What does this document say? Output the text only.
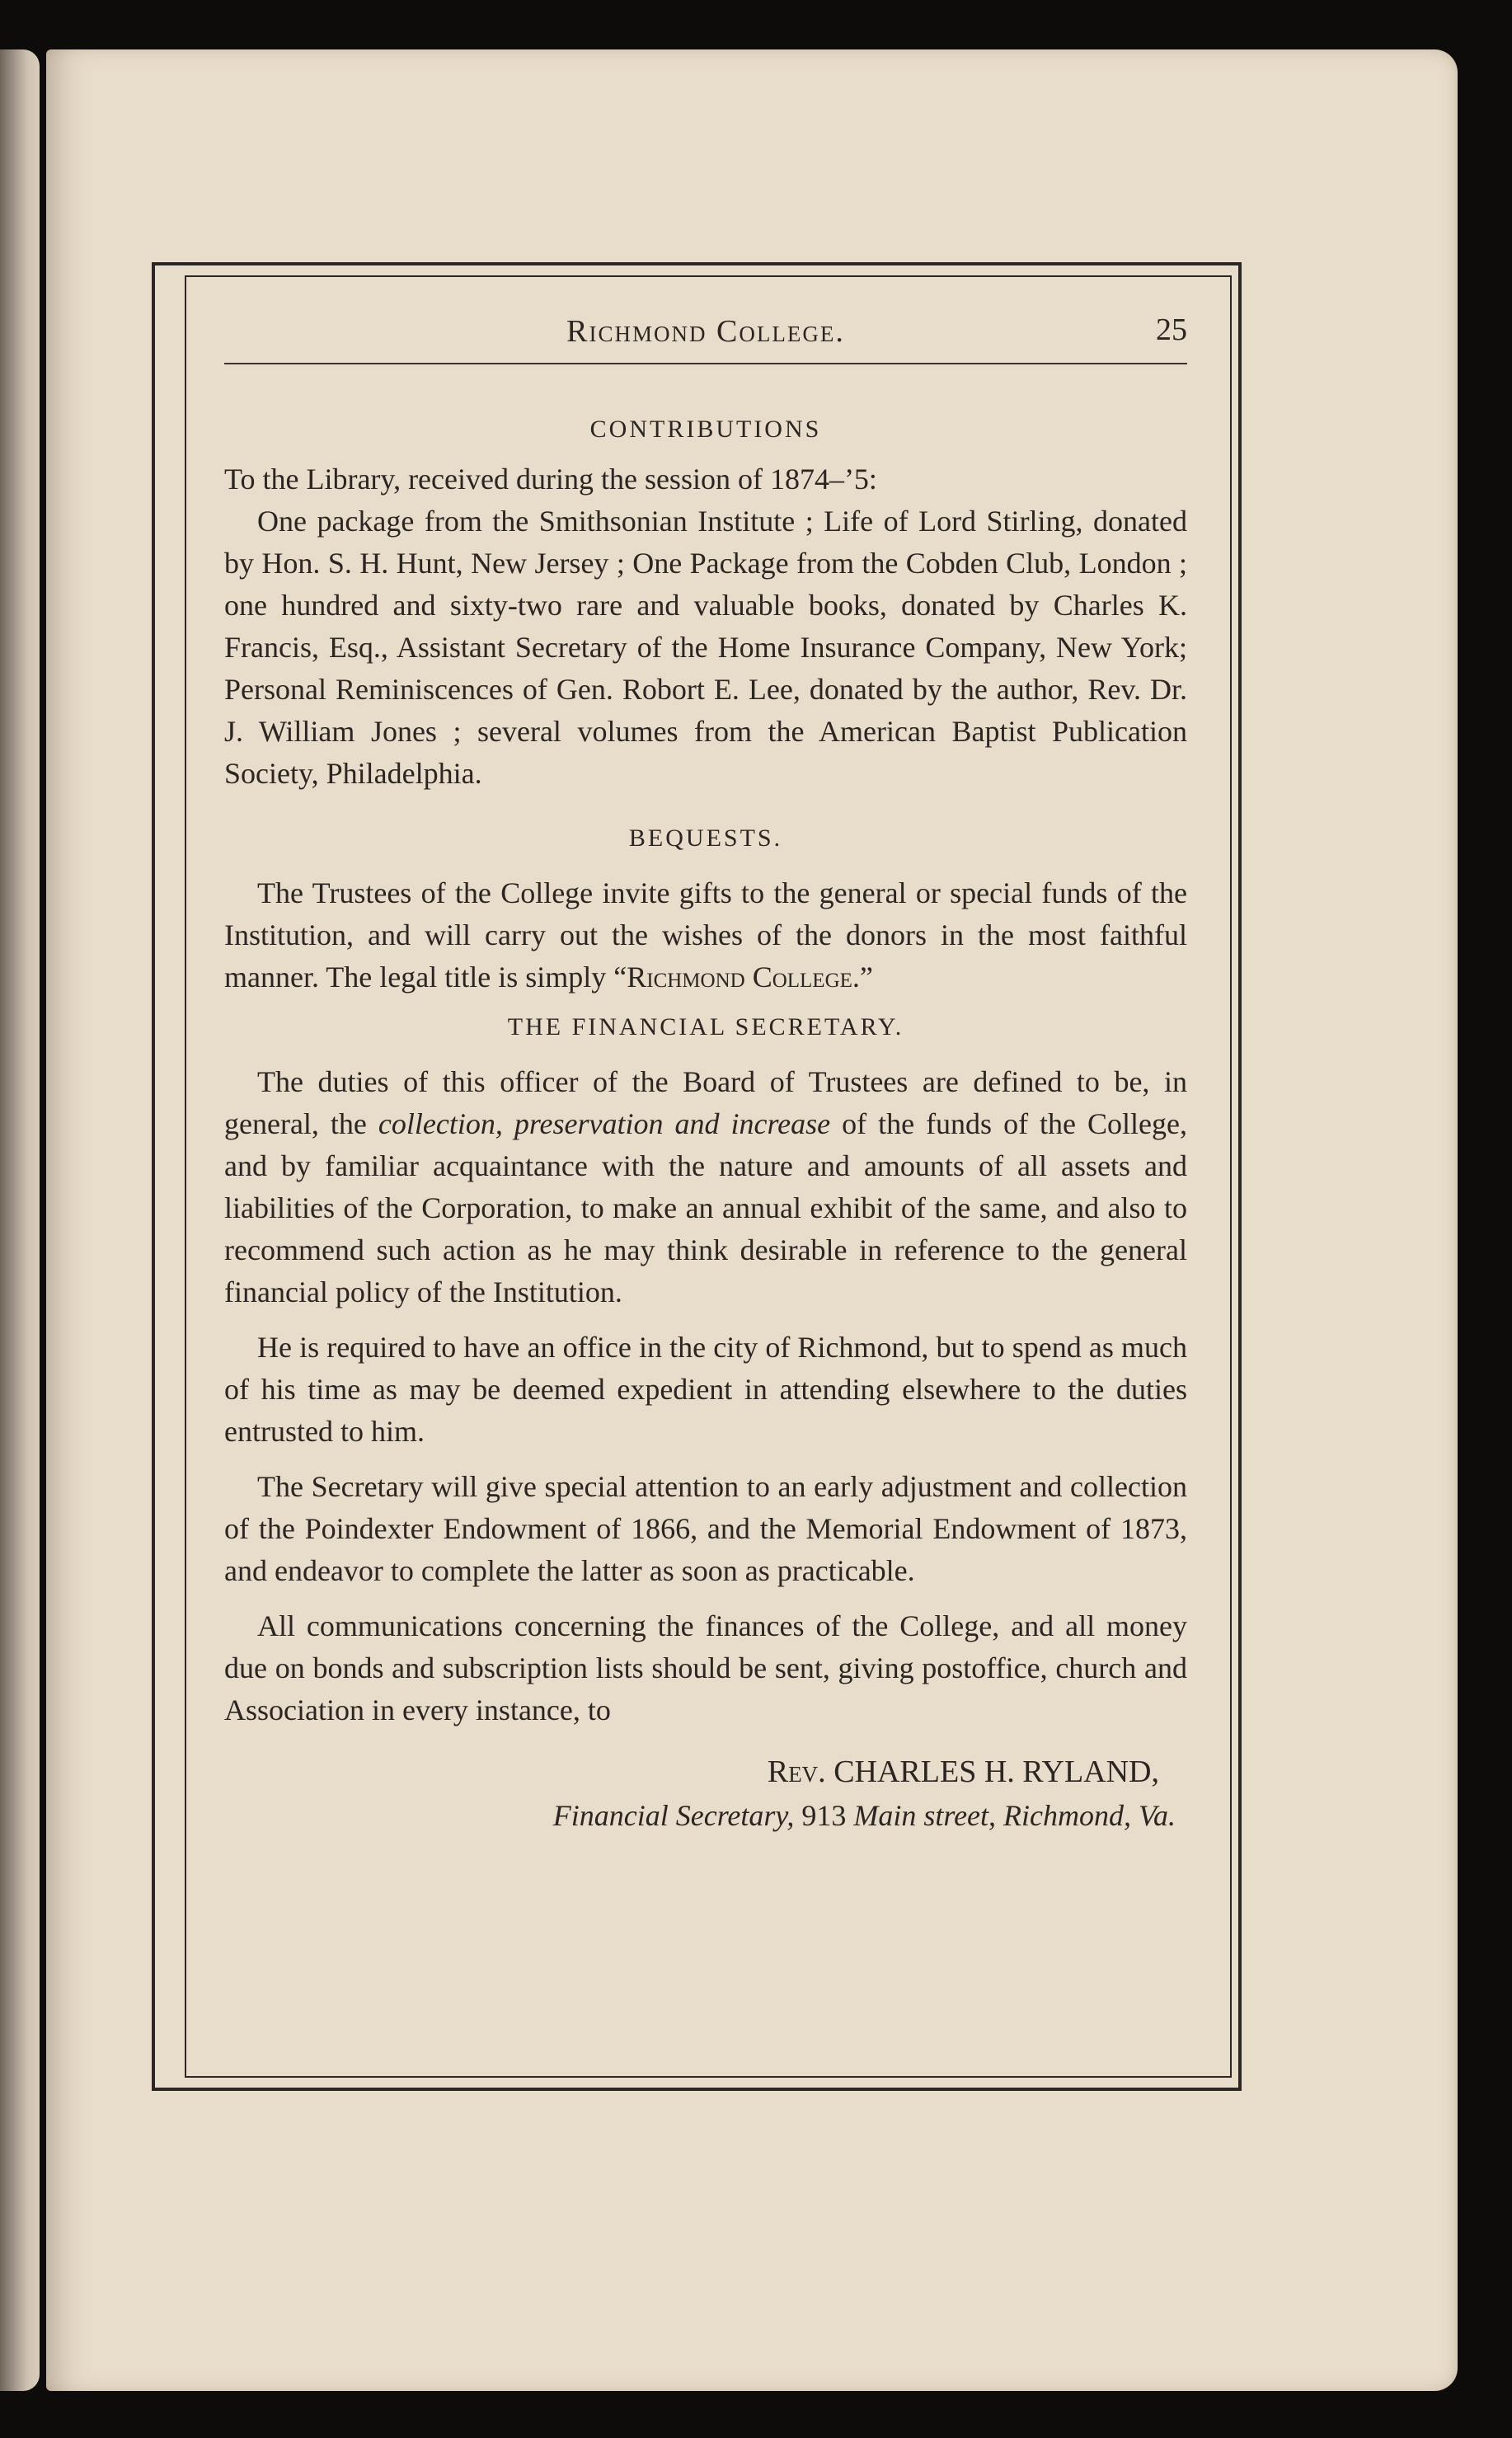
Richmond College.	25
CONTRIBUTIONS

To the Library, received during the session of 1874–’5:

One package from the Smithsonian Institute ; Life of Lord Stirling, donated by Hon. S. H. Hunt, New Jersey ; One Package from the Cobden Club, London ; one hundred and sixty-two rare and valuable books, donated by Charles K. Francis, Esq., Assistant Secretary of the Home Insurance Company, New York; Personal Reminiscences of Gen. Robort E. Lee, donated by the author, Rev. Dr. J. William Jones ; several volumes from the American Baptist Publication Society, Philadelphia.

BEQUESTS.

The Trustees of the College invite gifts to the general or special funds of the Institution, and will carry out the wishes of the donors in the most faithful manner. The legal title is simply “Richmond College.”

THE FINANCIAL SECRETARY.

The duties of this officer of the Board of Trustees are defined to be, in general, the collection, preservation and increase of the funds of the College, and by familiar acquaintance with the nature and amounts of all assets and liabilities of the Corporation, to make an annual exhibit of the same, and also to recommend such action as he may think desirable in reference to the general financial policy of the Institution.

He is required to have an office in the city of Richmond, but to spend as much of his time as may be deemed expedient in attending elsewhere to the duties entrusted to him.

The Secretary will give special attention to an early adjustment and collection of the Poindexter Endowment of 1866, and the Memorial Endowment of 1873, and endeavor to complete the latter as soon as practicable.

All communications concerning the finances of the College, and all money due on bonds and subscription lists should be sent, giving postoffice, church and Association in every instance, to

Rev. CHARLES H. RYLAND,
Financial Secretary, 913 Main street, Richmond, Va.
